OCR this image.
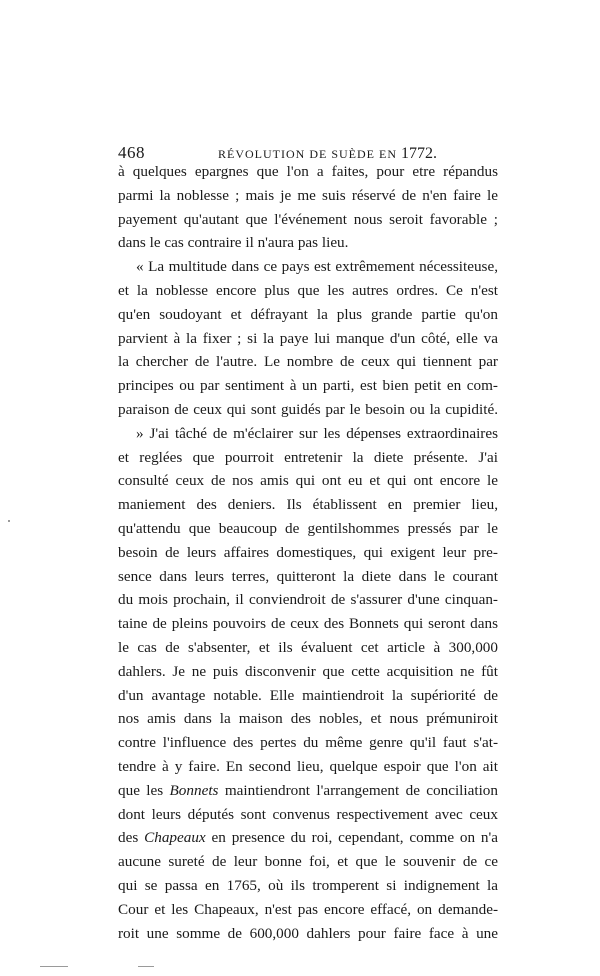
468	RÉVOLUTION DE SUÈDE EN 1772.
à quelques epargnes que l'on a faites, pour etre répandus
parmi la noblesse ; mais je me suis réservé de n'en faire le
payement qu'autant que l'événement nous seroit favorable ;
dans le cas contraire il n'aura pas lieu.
« La multitude dans ce pays est extrêmement nécessiteuse,
et la noblesse encore plus que les autres ordres. Ce n'est
qu'en soudoyant et défrayant la plus grande partie qu'on
parvient à la fixer ; si la paye lui manque d'un côté, elle va
la chercher de l'autre. Le nombre de ceux qui tiennent par
principes ou par sentiment à un parti, est bien petit en com-
paraison de ceux qui sont guidés par le besoin ou la cupidité.
» J'ai tâché de m'éclairer sur les dépenses extraordinaires
et reglées que pourroit entretenir la diete présente. J'ai
consulté ceux de nos amis qui ont eu et qui ont encore le
maniement des deniers. Ils établissent en premier lieu,
qu'attendu que beaucoup de gentilshommes pressés par le
besoin de leurs affaires domestiques, qui exigent leur pre-
sence dans leurs terres, quitteront la diete dans le courant
du mois prochain, il conviendroit de s'assurer d'une cinquan-
taine de pleins pouvoirs de ceux des Bonnets qui seront dans
le cas de s'absenter, et ils évaluent cet article à 300,000
dahlers. Je ne puis disconvenir que cette acquisition ne fût
d'un avantage notable. Elle maintiendroit la supériorité de
nos amis dans la maison des nobles, et nous prémuniroit
contre l'influence des pertes du même genre qu'il faut s'at-
tendre à y faire. En second lieu, quelque espoir que l'on ait
que les Bonnets maintiendront l'arrangement de conciliation
dont leurs députés sont convenus respectivement avec ceux
des Chapeaux en presence du roi, cependant, comme on n'a
aucune sureté de leur bonne foi, et que le souvenir de ce
qui se passa en 1765, où ils tromperent si indignement la
Cour et les Chapeaux, n'est pas encore effacé, on demande-
roit une somme de 600,000 dahlers pour faire face à une
